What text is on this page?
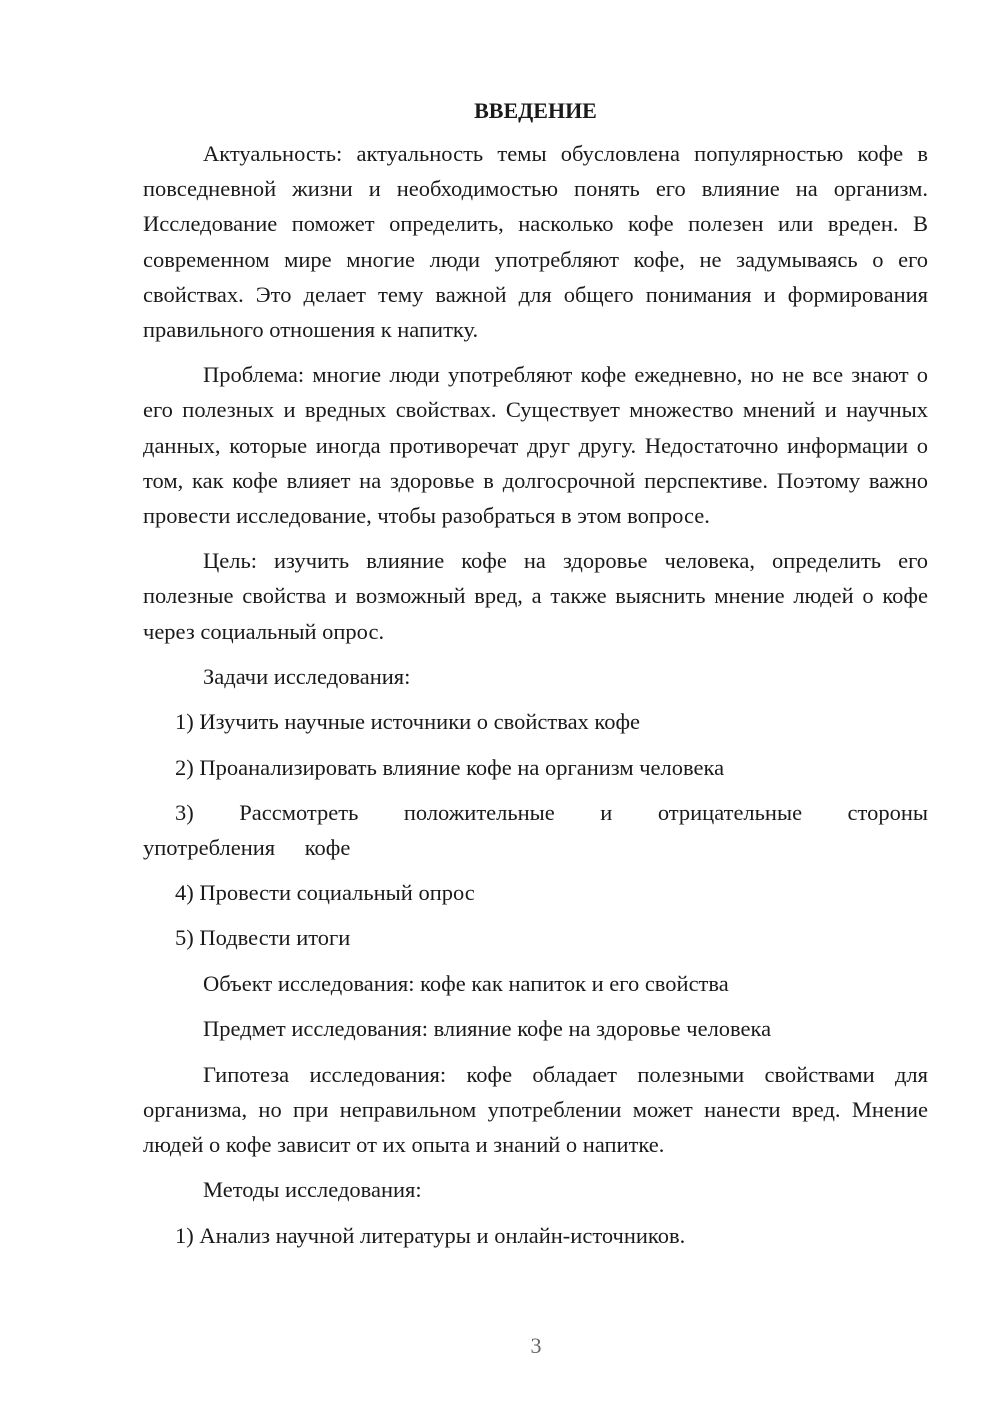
ВВЕДЕНИЕ

Актуальность: актуальность темы обусловлена популярностью кофе в повседневной жизни и необходимостью понять его влияние на организм. Исследование поможет определить, насколько кофе полезен или вреден. В современном мире многие люди употребляют кофе, не задумываясь о его свойствах. Это делает тему важной для общего понимания и формирования правильного отношения к напитку.

Проблема: многие люди употребляют кофе ежедневно, но не все знают о его полезных и вредных свойствах. Существует множество мнений и научных данных, которые иногда противоречат друг другу. Недостаточно информации о том, как кофе влияет на здоровье в долгосрочной перспективе. Поэтому важно провести исследование, чтобы разобраться в этом вопросе.

Цель: изучить влияние кофе на здоровье человека, определить его полезные свойства и возможный вред, а также выяснить мнение людей о кофе через социальный опрос.

Задачи исследования:

1) Изучить научные источники о свойствах кофе

2) Проанализировать влияние кофе на организм человека

3) Рассмотреть положительные и отрицательные стороны употребления кофе

4) Провести социальный опрос

5) Подвести итоги

Объект исследования: кофе как напиток и его свойства

Предмет исследования: влияние кофе на здоровье человека

Гипотеза исследования: кофе обладает полезными свойствами для организма, но при неправильном употреблении может нанести вред. Мнение людей о кофе зависит от их опыта и знаний о напитке.

Методы исследования:

1) Анализ научной литературы и онлайн-источников.

3
